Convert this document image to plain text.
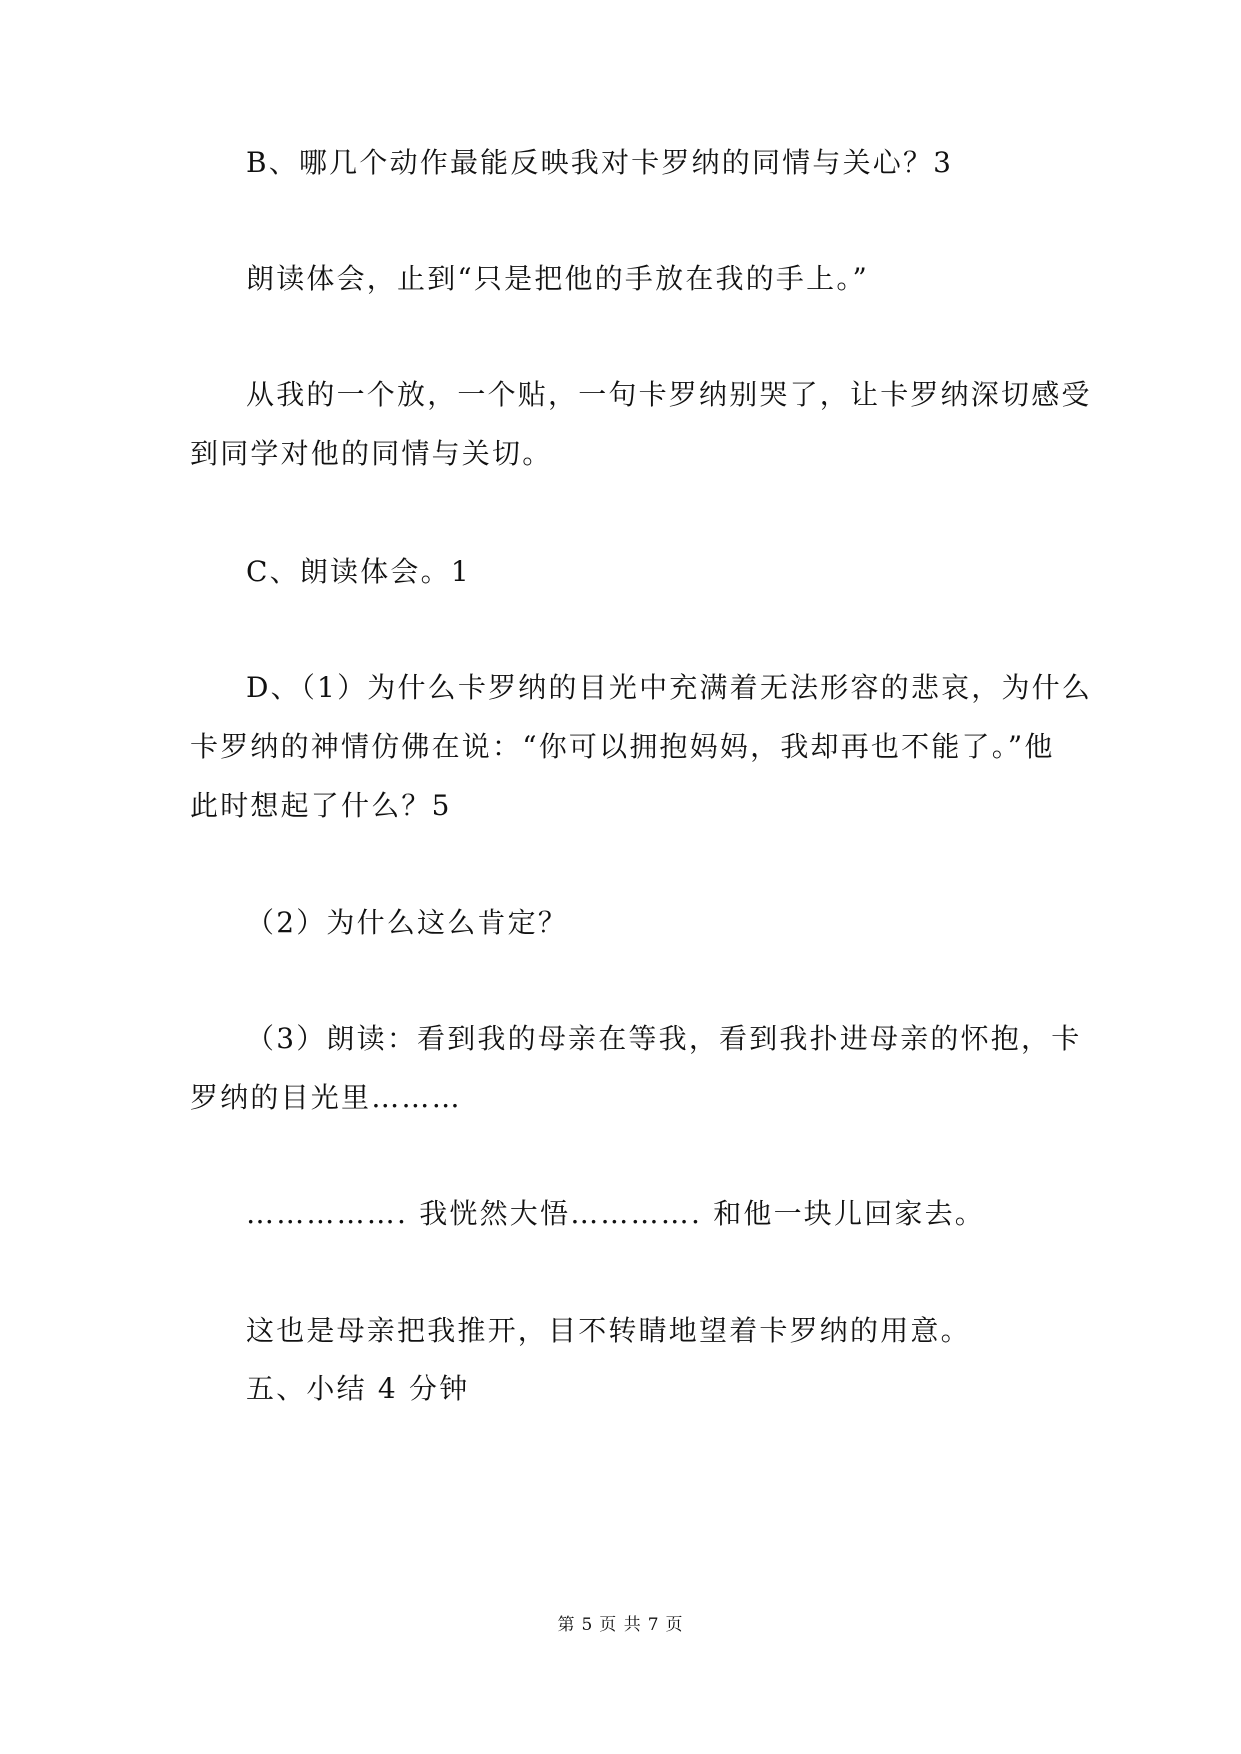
B、哪几个动作最能反映我对卡罗纳的同情与关心？3

朗读体会，止到“只是把他的手放在我的手上。”

从我的一个放，一个贴，一句卡罗纳别哭了，让卡罗纳深切感受

到同学对他的同情与关切。

C、朗读体会。1

D、（1）为什么卡罗纳的目光中充满着无法形容的悲哀，为什么

卡罗纳的神情仿佛在说：“你可以拥抱妈妈，我却再也不能了。”他

此时想起了什么？5

（2）为什么这么肯定？

（3）朗读：看到我的母亲在等我，看到我扑进母亲的怀抱，卡

罗纳的目光里………

……………. 我恍然大悟…………. 和他一块儿回家去。

这也是母亲把我推开，目不转睛地望着卡罗纳的用意。

五、小结 4 分钟

第 5 页 共 7 页
